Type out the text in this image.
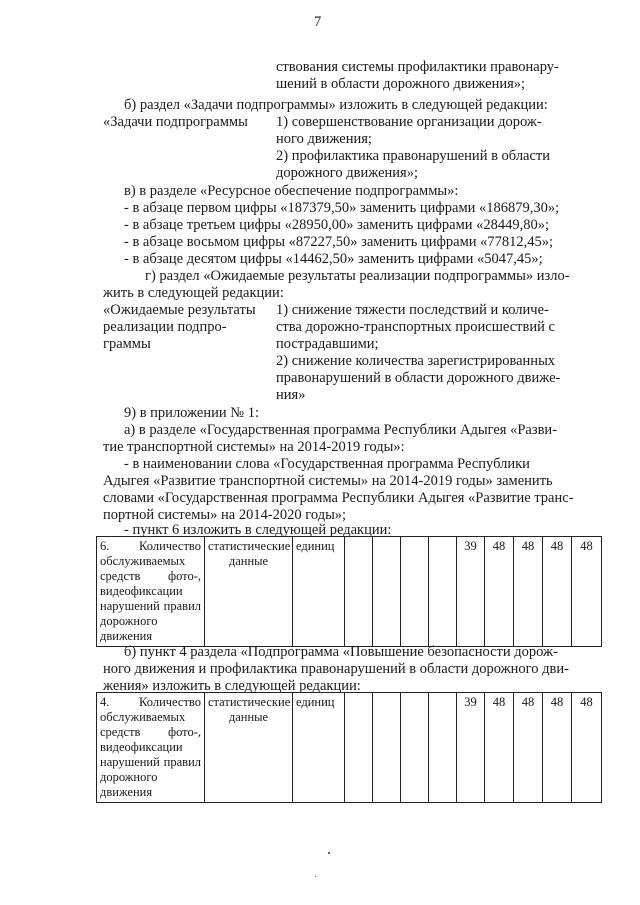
7
ствования системы профилактики правонару-
шений в области дорожного движения»;
б) раздел «Задачи подпрограммы» изложить в следующей редакции:
«Задачи подпрограммы 1) совершенствование организации дорож-
ного движения;
2) профилактика правонарушений в области
дорожного движения»;
в) в разделе «Ресурсное обеспечение подпрограммы»:
- в абзаце первом цифры «187379,50» заменить цифрами «186879,30»;
- в абзаце третьем цифры «28950,00» заменить цифрами «28449,80»;
- в абзаце восьмом цифры «87227,50» заменить цифрами «77812,45»;
- в абзаце десятом цифры «14462,50» заменить цифрами «5047,45»;
г) раздел «Ожидаемые результаты реализации подпрограммы» изло-
жить в следующей редакции:
«Ожидаемые результаты
реализации подпро-
граммы
1) снижение тяжести последствий и количе-
ства дорожно-транспортных происшествий с
пострадавшими;
2) снижение количества зарегистрированных
правонарушений в области дорожного движе-
ния»
9) в приложении № 1:
а) в разделе «Государственная программа Республики Адыгея «Разви-
тие транспортной системы» на 2014-2019 годы»:
- в наименовании слова «Государственная программа Республики
Адыгея «Развитие транспортной системы» на 2014-2019 годы» заменить
словами «Государственная программа Республики Адыгея «Развитие транс-
портной системы» на 2014-2020 годы»;
- пункт 6 изложить в следующей редакции:
6. Количество обслуживаемых средств фото-, видеофиксации нарушений правил дорожного движения	статистические данные	единиц					39	48	48	48	48
б) пункт 4 раздела «Подпрограмма «Повышение безопасности дорож-
ного движения и профилактика правонарушений в области дорожного дви-
жения» изложить в следующей редакции:
4. Количество обслуживаемых средств фото-, видеофиксации нарушений правил дорожного движения	статистические данные	единиц					39	48	48	48	48
